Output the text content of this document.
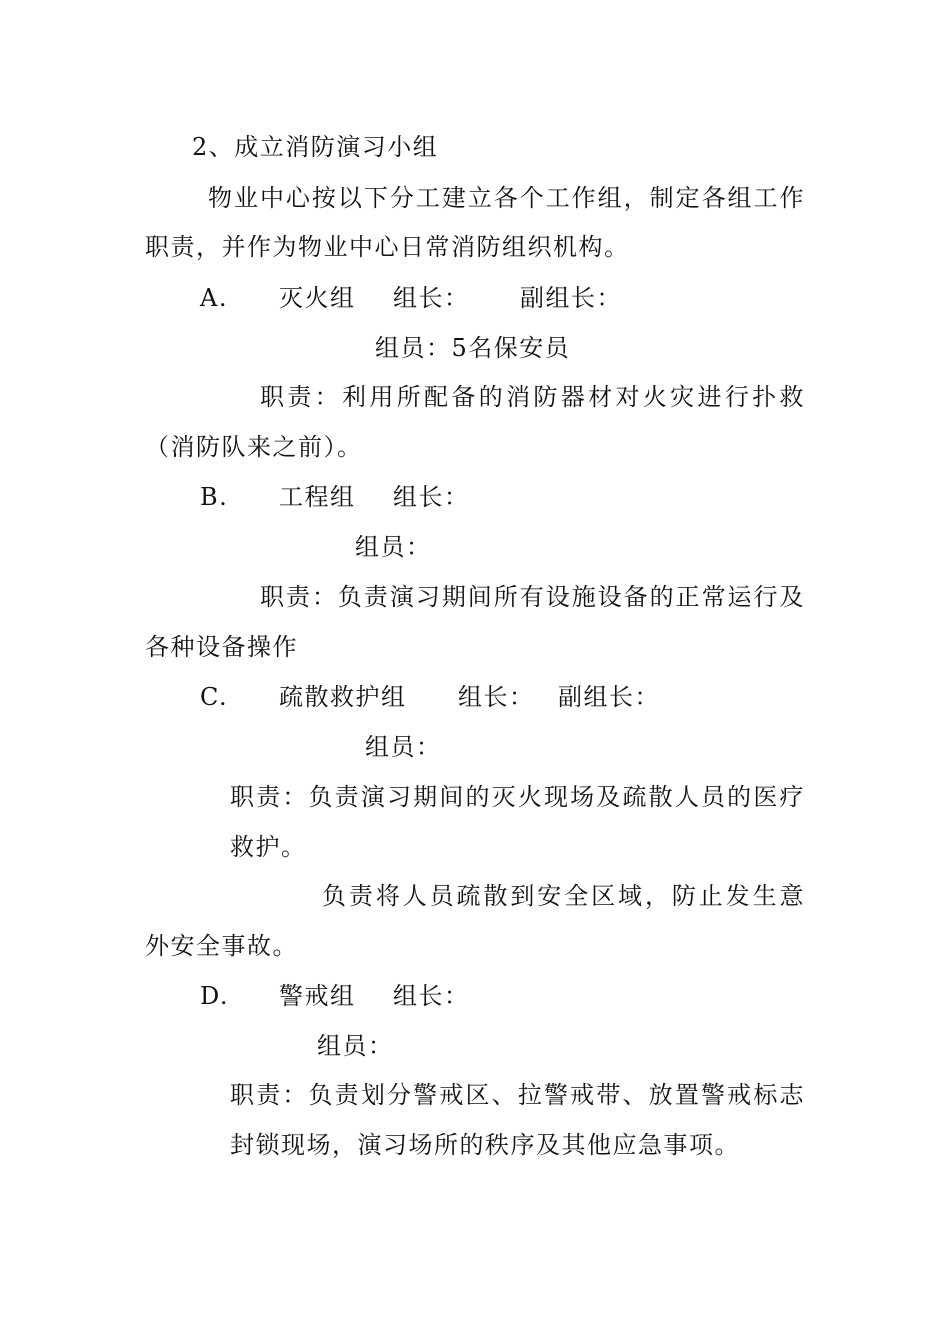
2、成立消防演习小组
物业中心按以下分工建立各个工作组，制定各组工作
职责，并作为物业中心日常消防组织机构。
A. 灭火组 组长： 副组长：
组员：5名保安员
职责：利用所配备的消防器材对火灾进行扑救
（消防队来之前）。
B. 工程组 组长：
组员：
职责：负责演习期间所有设施设备的正常运行及
各种设备操作
C. 疏散救护组 组长： 副组长：
组员：
职责：负责演习期间的灭火现场及疏散人员的医疗
救护。
负责将人员疏散到安全区域，防止发生意
外安全事故。
D. 警戒组 组长：
组员：
职责：负责划分警戒区、拉警戒带、放置警戒标志
封锁现场，演习场所的秩序及其他应急事项。
